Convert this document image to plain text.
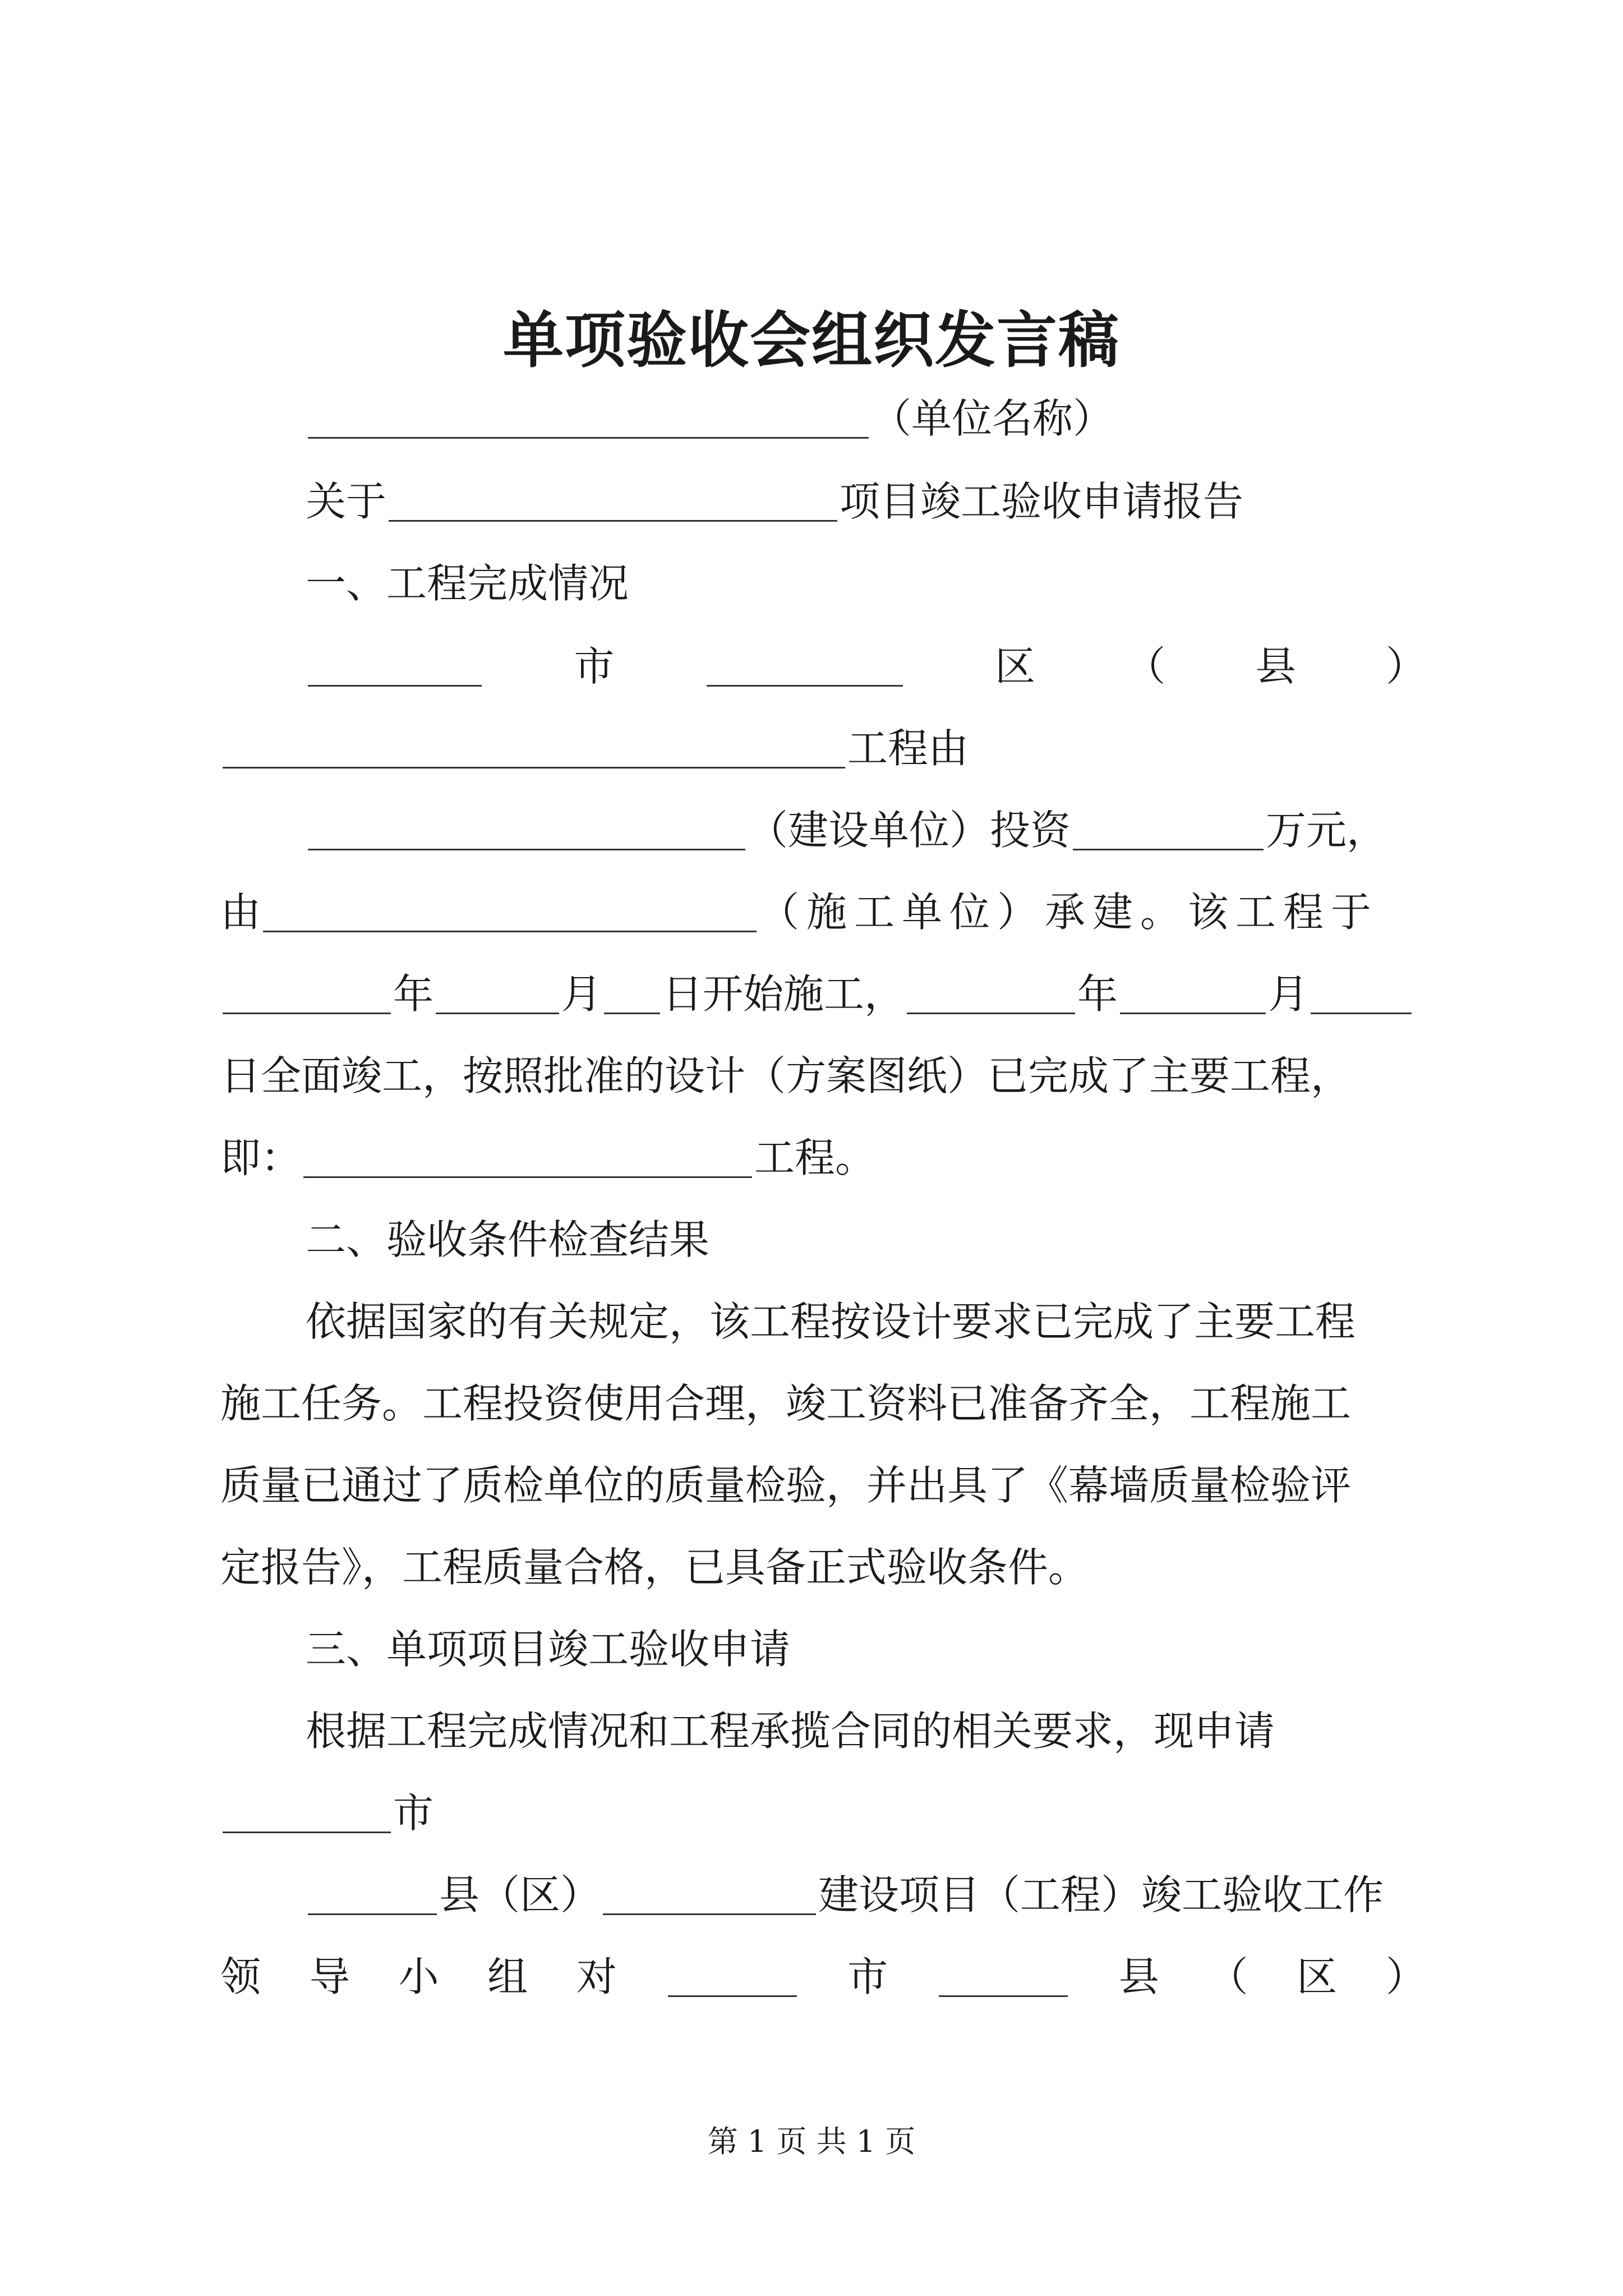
单项验收会组织发言稿
（单位名称）
关于	项目竣工验收申请报告
一、工程完成情况
市	区 （ 县 ）
工程由
（建设单位）投资	万元，
由	（施工单位）承建。该工程于
年	月 日开始施工，	年	月
日全面竣工，按照批准的设计（方案图纸）已完成了主要工程，
即：	工程。
二、验收条件检查结果
依据国家的有关规定，该工程按设计要求已完成了主要工程
施工任务。工程投资使用合理，竣工资料已准备齐全，工程施工
质量已通过了质检单位的质量检验，并出具了《幕墙质量检验评
定报告》，工程质量合格，已具备正式验收条件。
三、单项项目竣工验收申请
根据工程完成情况和工程承揽合同的相关要求，现申请
市
县（区）	建设项目（工程）竣工验收工作
领 导 小 组 对	市	县 （ 区 ）
第 1 页 共 1 页
